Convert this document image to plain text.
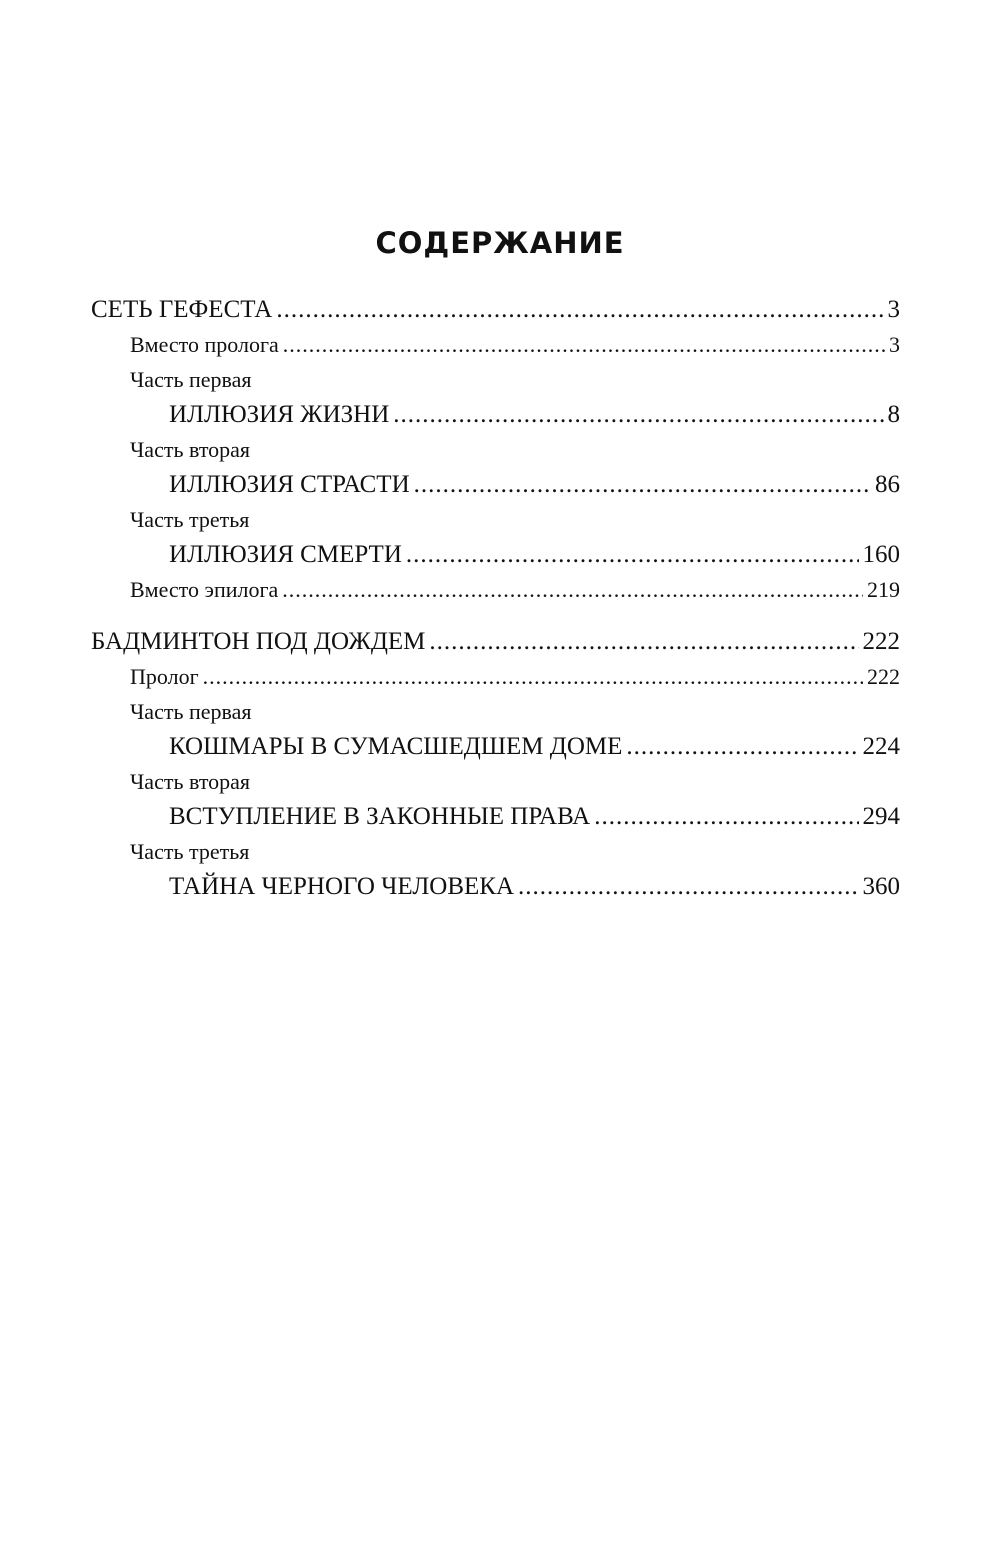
СОДЕРЖАНИЕ
СЕТЬ ГЕФЕСТА .....	3
Вместо пролога .....	3
Часть первая
ИЛЛЮЗИЯ ЖИЗНИ .....	8
Часть вторая
ИЛЛЮЗИЯ СТРАСТИ .....	86
Часть третья
ИЛЛЮЗИЯ СМЕРТИ .....	160
Вместо эпилога .....	219
БАДМИНТОН ПОД ДОЖДЕМ .....	222
Пролог .....	222
Часть первая
КОШМАРЫ В СУМАСШЕДШЕМ ДОМЕ .....	224
Часть вторая
ВСТУПЛЕНИЕ В ЗАКОННЫЕ ПРАВА .....	294
Часть третья
ТАЙНА ЧЕРНОГО ЧЕЛОВЕКА .....	360
